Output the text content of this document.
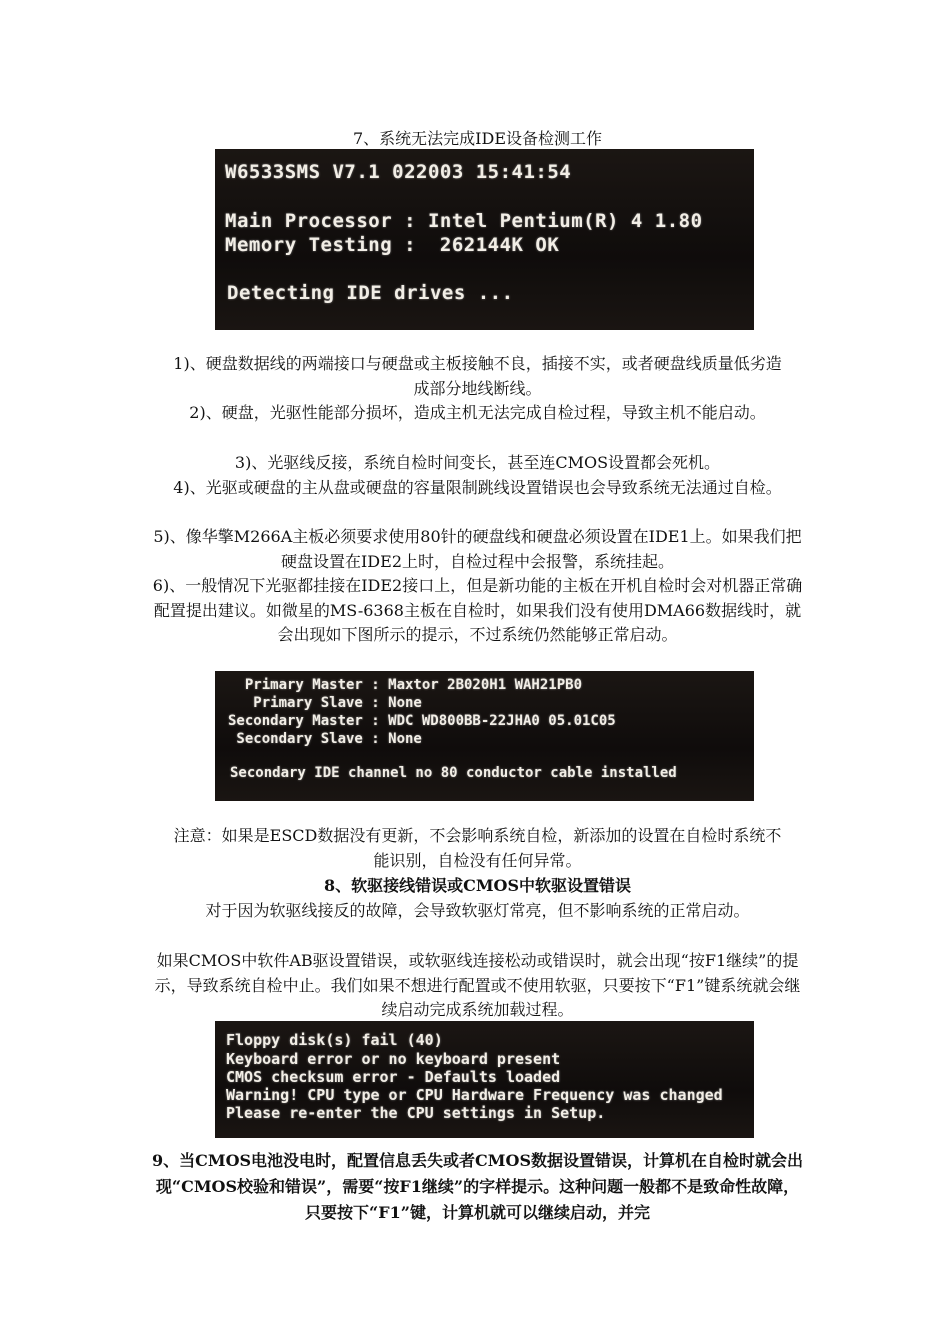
7、系统无法完成IDE设备检测工作
W6533SMS V7.1 022003 15:41:54
Main Processor : Intel Pentium(R) 4 1.80
Memory Testing :  262144K OK
Detecting IDE drives ...
1)、硬盘数据线的两端接口与硬盘或主板接触不良，插接不实，或者硬盘线质量低劣造成部分地线断线。
2)、硬盘，光驱性能部分损坏，造成主机无法完成自检过程，导致主机不能启动。
3)、光驱线反接，系统自检时间变长，甚至连CMOS设置都会死机。
4)、光驱或硬盘的主从盘或硬盘的容量限制跳线设置错误也会导致系统无法通过自检。
5)、像华擎M266A主板必须要求使用80针的硬盘线和硬盘必须设置在IDE1上。如果我们把硬盘设置在IDE2上时，自检过程中会报警，系统挂起。
6)、一般情况下光驱都挂接在IDE2接口上，但是新功能的主板在开机自检时会对机器正常确配置提出建议。如微星的MS-6368主板在自检时，如果我们没有使用DMA66数据线时，就会出现如下图所示的提示，不过系统仍然能够正常启动。
Primary Master : Maxtor 2B020H1 WAH21PB0
Primary Slave : None
Secondary Master : WDC WD800BB-22JHA0 05.01C05
Secondary Slave : None
Secondary IDE channel no 80 conductor cable installed
注意：如果是ESCD数据没有更新，不会影响系统自检，新添加的设置在自检时系统不能识别，自检没有任何异常。
8、软驱接线错误或CMOS中软驱设置错误
对于因为软驱线接反的故障，会导致软驱灯常亮，但不影响系统的正常启动。
如果CMOS中软件AB驱设置错误，或软驱线连接松动或错误时，就会出现“按F1继续”的提示，导致系统自检中止。我们如果不想进行配置或不使用软驱，只要按下“F1”键系统就会继续启动完成系统加载过程。
Floppy disk(s) fail (40)
Keyboard error or no keyboard present
CMOS checksum error - Defaults loaded
Warning! CPU type or CPU Hardware Frequency was changed
Please re-enter the CPU settings in Setup.
9、当CMOS电池没电时，配置信息丢失或者CMOS数据设置错误，计算机在自检时就会出现“CMOS校验和错误”，需要“按F1继续”的字样提示。这种问题一般都不是致命性故障，只要按下“F1”键，计算机就可以继续启动，并完
